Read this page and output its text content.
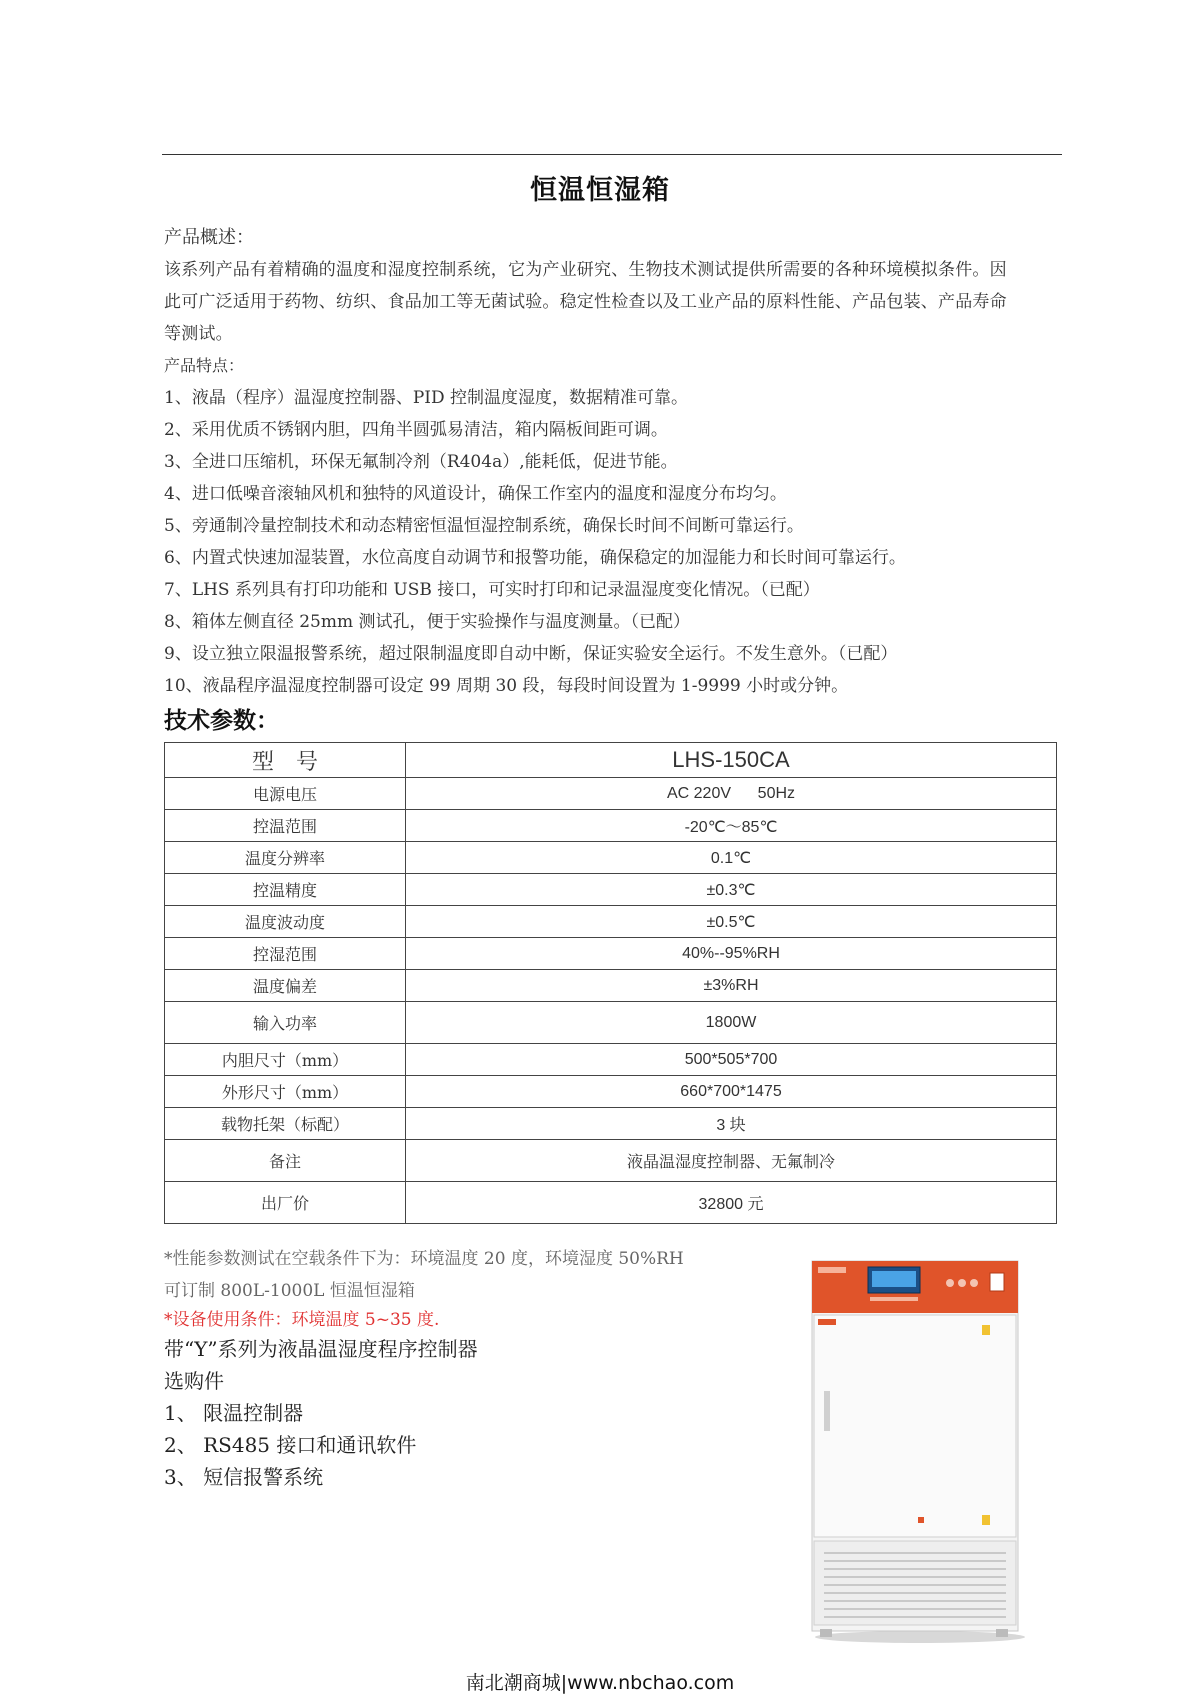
恒温恒湿箱

产品概述：

该系列产品有着精确的温度和湿度控制系统，它为产业研究、生物技术测试提供所需要的各种环境模拟条件。因

此可广泛适用于药物、纺织、食品加工等无菌试验。稳定性检查以及工业产品的原料性能、产品包装、产品寿命

等测试。

产品特点：

1、液晶（程序）温湿度控制器、PID 控制温度湿度，数据精准可靠。

2、采用优质不锈钢内胆，四角半圆弧易清洁，箱内隔板间距可调。

3、全进口压缩机，环保无氟制冷剂（R404a）,能耗低，促进节能。

4、进口低噪音滚轴风机和独特的风道设计，确保工作室内的温度和湿度分布均匀。

5、旁通制冷量控制技术和动态精密恒温恒湿控制系统，确保长时间不间断可靠运行。

6、内置式快速加湿装置，水位高度自动调节和报警功能，确保稳定的加湿能力和长时间可靠运行。

7、LHS 系列具有打印功能和 USB 接口，可实时打印和记录温湿度变化情况。（已配）

8、箱体左侧直径 25mm 测试孔，便于实验操作与温度测量。（已配）

9、设立独立限温报警系统，超过限制温度即自动中断，保证实验安全运行。不发生意外。（已配）

10、液晶程序温湿度控制器可设定 99 周期 30 段，每段时间设置为 1-9999 小时或分钟。

技术参数：
型号	LHS-150CA
电源电压	AC 220V      50Hz
控温范围	-20℃～85℃
温度分辨率	0.1℃
控温精度	±0.3℃
温度波动度	±0.5℃
控湿范围	40%--95%RH
温度偏差	±3%RH
输入功率	1800W
内胆尺寸（mm）	500*505*700
外形尺寸（mm）	660*700*1475
载物托架（标配）	3 块
备注	液晶温湿度控制器、无氟制冷
出厂价	32800 元
*性能参数测试在空载条件下为：环境温度 20 度，环境湿度 50%RH
可订制 800L-1000L 恒温恒湿箱
*设备使用条件：环境温度 5~35 度.
带“Y”系列为液晶温湿度程序控制器
选购件
1、 限温控制器
2、 RS485 接口和通讯软件
3、 短信报警系统
南北潮商城|www.nbchao.com
